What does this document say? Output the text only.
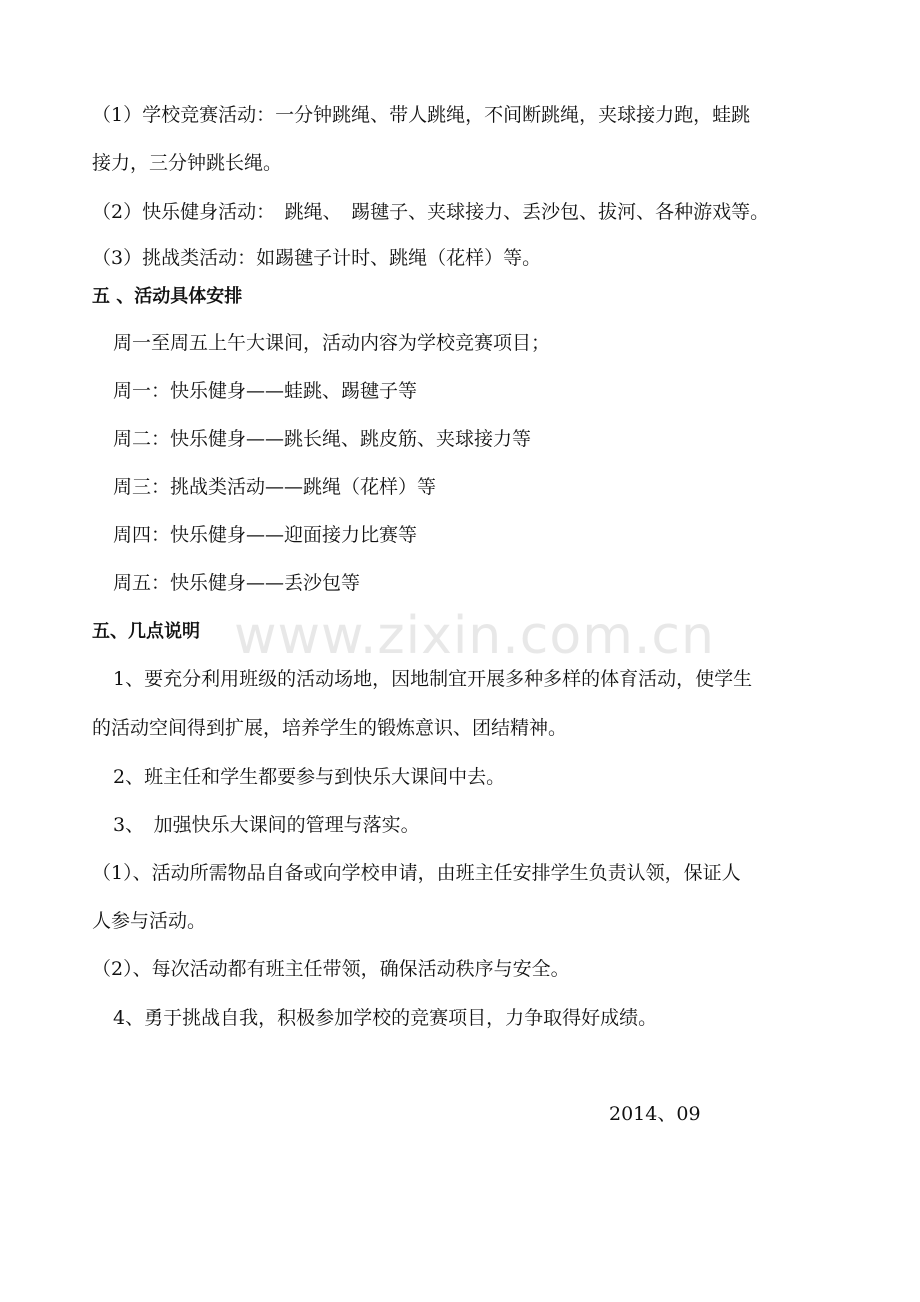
www.zixin.com.cn
（1）学校竞赛活动：一分钟跳绳、带人跳绳，不间断跳绳，夹球接力跑，蛙跳
接力，三分钟跳长绳。
（2）快乐健身活动：　跳绳、　踢毽子、夹球接力、丢沙包、拔河、各种游戏等。
（3）挑战类活动：如踢毽子计时、跳绳（花样）等。
五 、活动具体安排
周一至周五上午大课间，活动内容为学校竞赛项目；
周一：快乐健身——蛙跳、踢毽子等
周二：快乐健身——跳长绳、跳皮筋、夹球接力等
周三：挑战类活动——跳绳（花样）等
周四：快乐健身——迎面接力比赛等
周五：快乐健身——丢沙包等
五、几点说明
1、要充分利用班级的活动场地，因地制宜开展多种多样的体育活动，使学生
的活动空间得到扩展，培养学生的锻炼意识、团结精神。
2、班主任和学生都要参与到快乐大课间中去。
3、　加强快乐大课间的管理与落实。
（1）、活动所需物品自备或向学校申请，由班主任安排学生负责认领，保证人
人参与活动。
（2）、每次活动都有班主任带领，确保活动秩序与安全。
4、勇于挑战自我，积极参加学校的竞赛项目，力争取得好成绩。
2014、09
